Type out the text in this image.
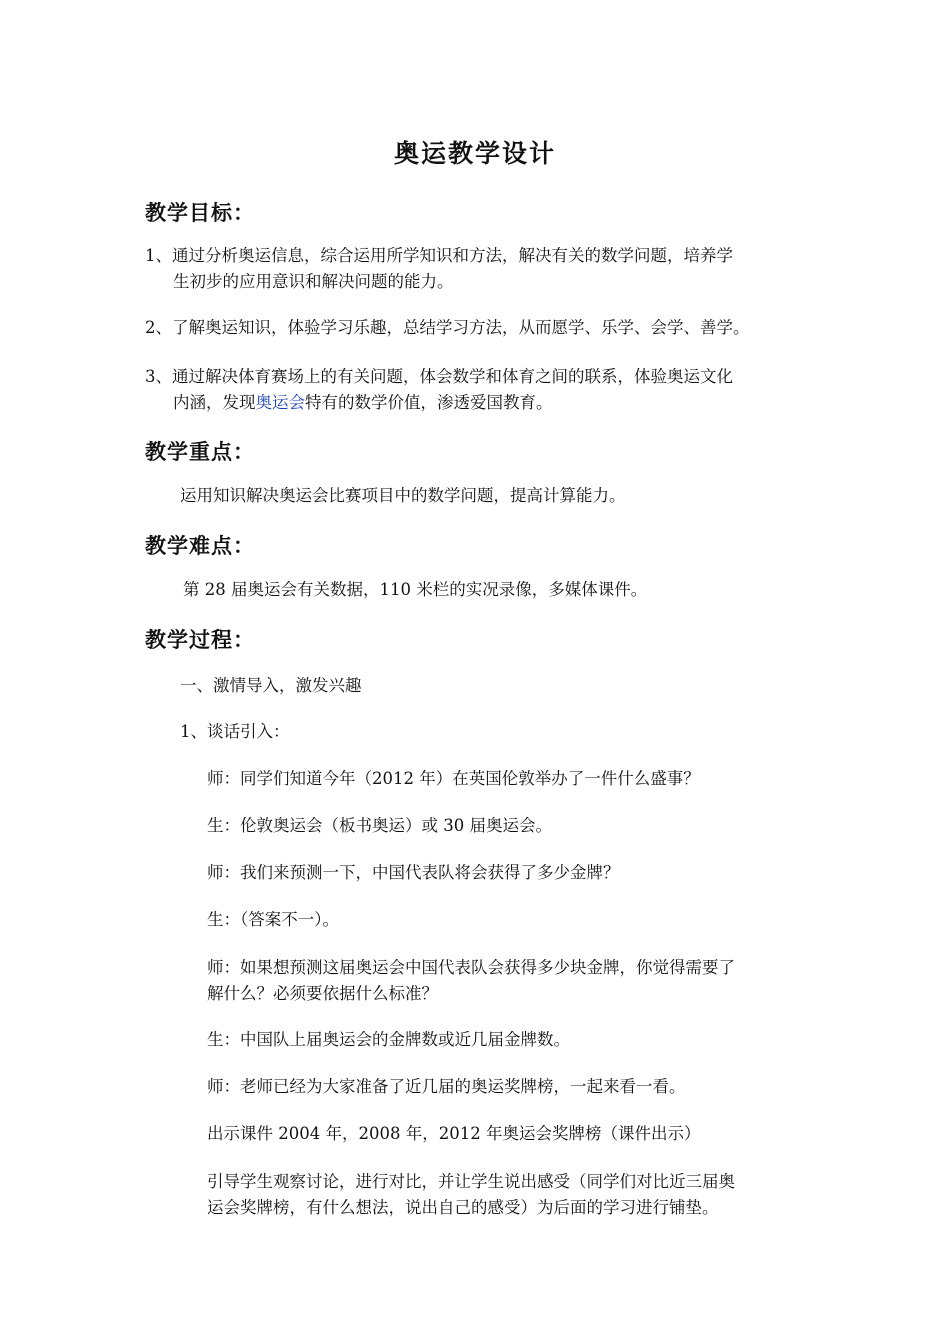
奥运教学设计
教学目标：
1、通过分析奥运信息，综合运用所学知识和方法，解决有关的数学问题，培养学
生初步的应用意识和解决问题的能力。
2、了解奥运知识，体验学习乐趣，总结学习方法，从而愿学、乐学、会学、善学。
3、通过解决体育赛场上的有关问题，体会数学和体育之间的联系，体验奥运文化
内涵，发现奥运会特有的数学价值，渗透爱国教育。
教学重点：
运用知识解决奥运会比赛项目中的数学问题，提高计算能力。
教学难点：
第 28 届奥运会有关数据，110 米栏的实况录像，多媒体课件。
教学过程：
一、激情导入，激发兴趣
1、谈话引入：
师：同学们知道今年（2012 年）在英国伦敦举办了一件什么盛事？
生：伦敦奥运会（板书奥运）或 30 届奥运会。
师：我们来预测一下，中国代表队将会获得了多少金牌？
生：（答案不一）。
师：如果想预测这届奥运会中国代表队会获得多少块金牌，你觉得需要了
解什么？必须要依据什么标准？
生：中国队上届奥运会的金牌数或近几届金牌数。
师：老师已经为大家准备了近几届的奥运奖牌榜，一起来看一看。
出示课件 2004 年，2008 年，2012 年奥运会奖牌榜（课件出示）
引导学生观察讨论，进行对比，并让学生说出感受（同学们对比近三届奥
运会奖牌榜，有什么想法，说出自己的感受）为后面的学习进行铺垫。
